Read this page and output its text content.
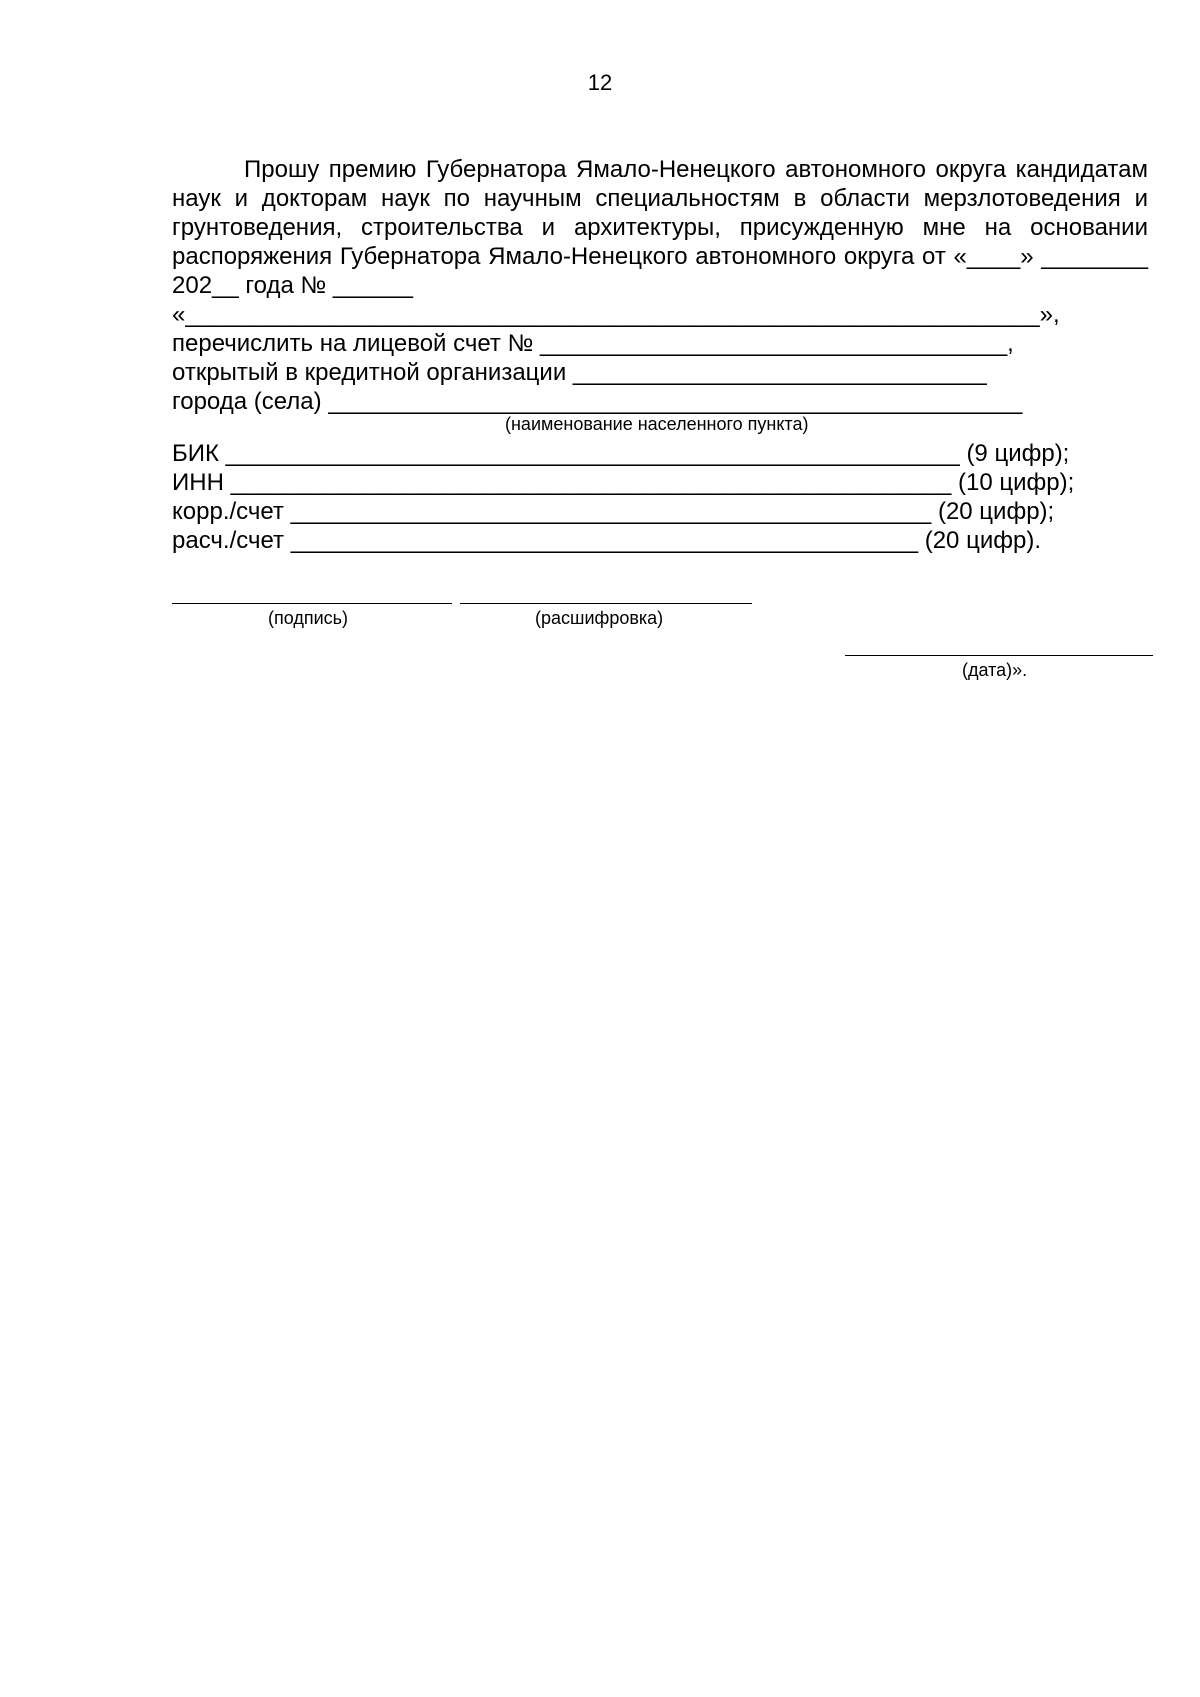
12
Прошу премию Губернатора Ямало-Ненецкого автономного округа кандидатам наук и докторам наук по научным специальностям в области мерзлотоведения и грунтоведения, строительства и архитектуры, присужденную мне на основании распоряжения Губернатора Ямало-Ненецкого автономного округа от «____» ________ 202__ года № ______
«________________________________________________________________»,
перечислить на лицевой счет № ___________________________________,
открытый в кредитной организации _______________________________
города (села) ____________________________________________________
(наименование населенного пункта)
БИК _______________________________________________________ (9 цифр);
ИНН ______________________________________________________ (10 цифр);
корр./счет ________________________________________________ (20 цифр);
расч./счет _______________________________________________ (20 цифр).
(подпись)	(расшифровка)
(дата)».
